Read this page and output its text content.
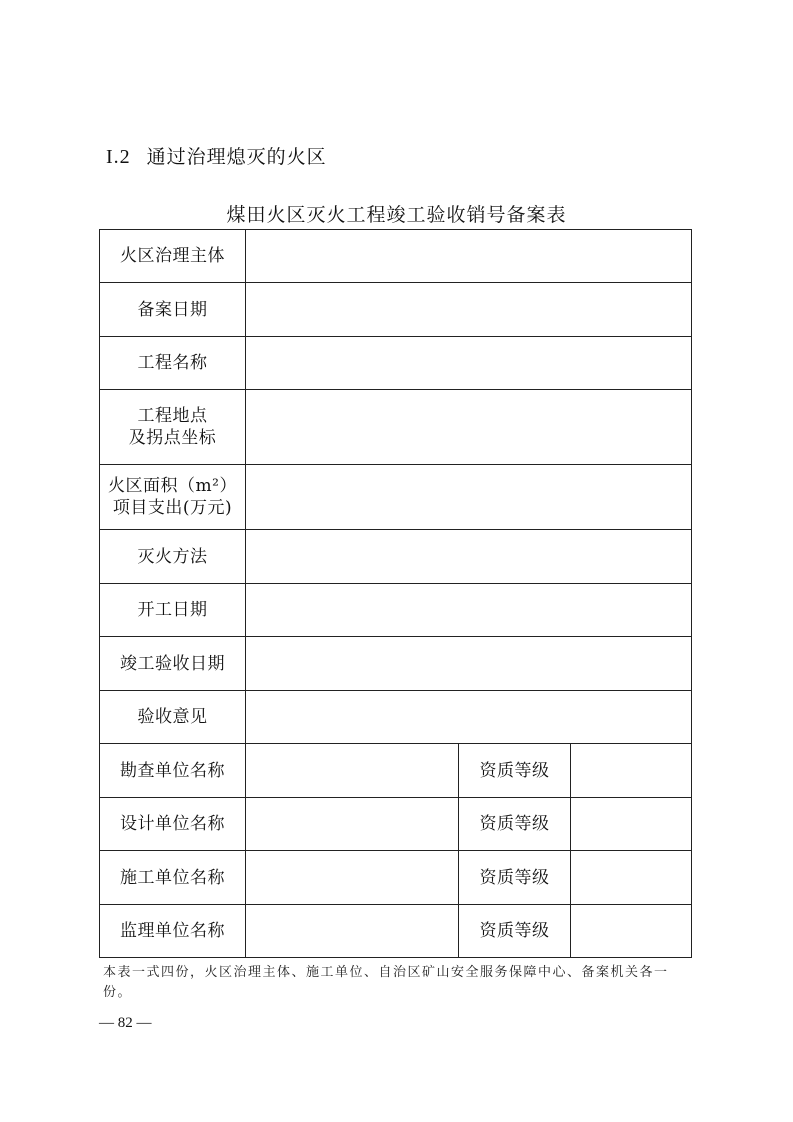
I.2 通过治理熄灭的火区
煤田火区灭火工程竣工验收销号备案表
火区治理主体			
备案日期			
工程名称			

工程地点
及拐点坐标			

火区面积（m²）
项目支出(万元)			

灭火方法			
开工日期			
竣工验收日期			
验收意见			
勘查单位名称		资质等级	
设计单位名称		资质等级	
施工单位名称		资质等级	
监理单位名称		资质等级	

本表一式四份，火区治理主体、施工单位、自治区矿山安全服务保障中心、备案机关各一份。

— 82 —
